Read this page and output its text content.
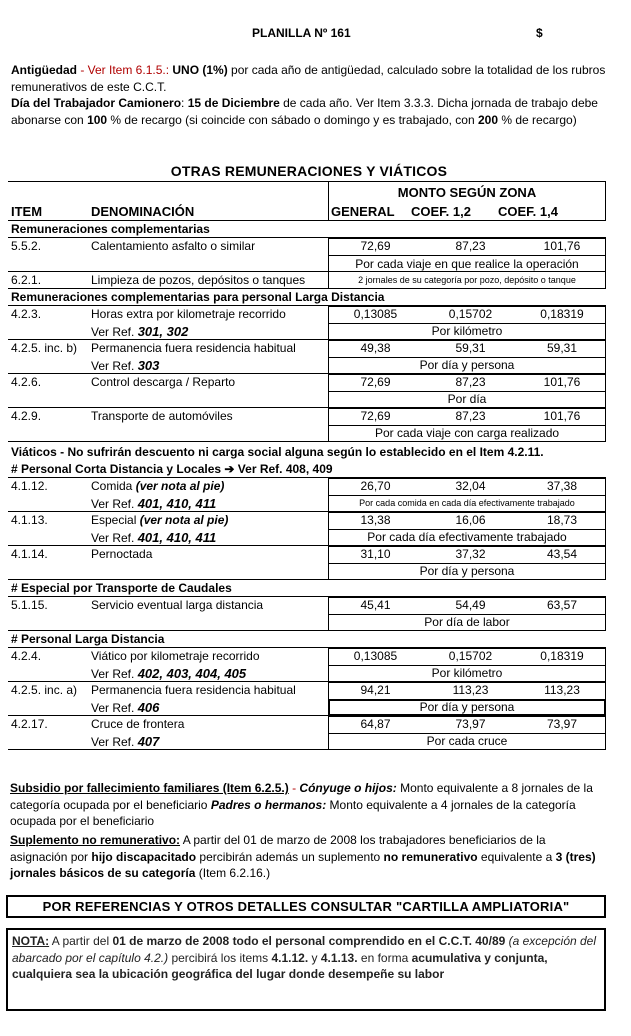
PLANILLA Nº 161	$

Antigüedad - Ver Item 6.1.5.: UNO (1%) por cada año de antigüedad, calculado sobre la totalidad de los rubros remunerativos de este C.C.T.

Día del Trabajador Camionero: 15 de Diciembre de cada año. Ver Item 3.3.3. Dicha jornada de trabajo debe abonarse con 100 % de recargo (si coincide con sábado o domingo y es trabajado, con 200 % de recargo)

OTRAS REMUNERACIONES Y VIÁTICOS
MONTO SEGÚN ZONA
ITEM	DENOMINACIÓN	GENERAL COEF. 1,2 COEF. 1,4
Remuneraciones complementarias
5.5.2.	Calentamiento asfalto o similar	72,69	87,23	101,76
Por cada viaje en que realice la operación
6.2.1.	Limpieza de pozos, depósitos o tanques	2 jornales de su categoría por pozo, depósito o tanque
Remuneraciones complementarias para personal Larga Distancia
4.2.3.	Horas extra por kilometraje recorrido	0,13085	0,15702	0,18319
Ver Ref. 301, 302	Por kilómetro
4.2.5. inc. b) Permanencia fuera residencia habitual	49,38	59,31	59,31
Ver Ref. 303	Por día y persona
4.2.6.	Control descarga / Reparto	72,69	87,23	101,76
Por día
4.2.9.	Transporte de automóviles	72,69	87,23	101,76
Por cada viaje con carga realizado
Viáticos - No sufrirán descuento ni carga social alguna según lo establecido en el Item 4.2.11.
# Personal Corta Distancia y Locales ➔ Ver Ref. 408, 409
4.1.12.	Comida (ver nota al pie)	26,70	32,04	37,38
Ver Ref. 401, 410, 411	Por cada comida en cada día efectivamente trabajado
4.1.13.	Especial (ver nota al pie)	13,38	16,06	18,73
Ver Ref. 401, 410, 411	Por cada día efectivamente trabajado
4.1.14.	Pernoctada	31,10	37,32	43,54
Por día y persona
# Especial por Transporte de Caudales
5.1.15.	Servicio eventual larga distancia	45,41	54,49	63,57
Por día de labor
# Personal Larga Distancia
4.2.4.	Viático por kilometraje recorrido	0,13085	0,15702	0,18319
Ver Ref. 402, 403, 404, 405	Por kilómetro
4.2.5. inc. a) Permanencia fuera residencia habitual	94,21	113,23	113,23
Ver Ref. 406	Por día y persona
4.2.17.	Cruce de frontera	64,87	73,97	73,97
Ver Ref. 407	Por cada cruce
Subsidio por fallecimiento familiares (Item 6.2.5.) - Cónyuge o hijos: Monto equivalente a 8 jornales de la categoría ocupada por el beneficiario Padres o hermanos: Monto equivalente a 4 jornales de la categoría ocupada por el beneficiario
Suplemento no remunerativo: A partir del 01 de marzo de 2008 los trabajadores beneficiarios de la asignación por hijo discapacitado percibirán además un suplemento no remunerativo equivalente a 3 (tres) jornales básicos de su categoría (Item 6.2.16.)
POR REFERENCIAS Y OTROS DETALLES CONSULTAR "CARTILLA AMPLIATORIA"
NOTA: A partir del 01 de marzo de 2008 todo el personal comprendido en el C.C.T. 40/89 (a excepción del abarcado por el capítulo 4.2.) percibirá los items 4.1.12. y 4.1.13. en forma acumulativa y conjunta, cualquiera sea la ubicación geográfica del lugar donde desempeñe su labor
